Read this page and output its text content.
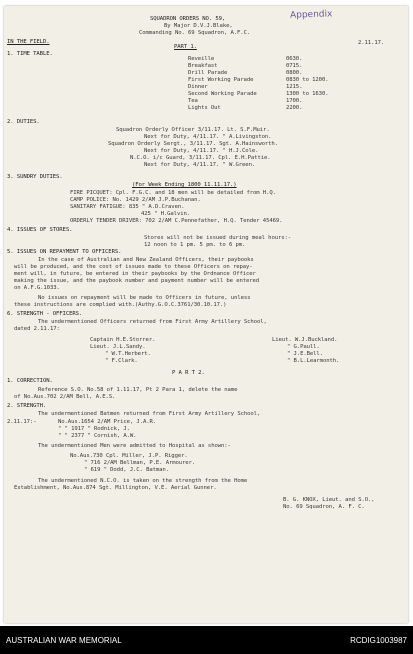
SQUADRON ORDERS NO. 59,	Appendix
By Major D.V.J.Blake,
Commanding No. 69 Squadron, A.F.C.
IN THE FIELD.	2.11.17.
PART 1.
1. TIME TABLE.
Reveille	0630.
Breakfast	0715.
Drill Parade	0800.
First Working Parade	0830 to 1200.
Dinner	1215.
Second Working Parade	1300 to 1630.
Tea	1700.
Lights Out	2200.
2. DUTIES.
Squadron Orderly Officer 3/11.17. Lt. S.F.Muir.
Next for Duty, 4/11.17. " A.Livingston.
Squadron Orderly Sergt., 3/11.17. Sgt. A.Hainsworth.
Next for Duty, 4/11.17. " H.J.Cole.
N.C.O. i/c Guard, 3/11.17. Cpl. E.H.Pattie.
Next for Duty, 4/11.17. " W.Green.
3. SUNDRY DUTIES.
(For Week Ending 1800 11.11.17.)
FIRE PICQUET: Cpl. F.G.C. and 18 men will be detailed from H.Q.
CAMP POLICE: No. 1429 2/AM J.P.Buchanan.
SANITARY FATIGUE: 835 " A.D.Craven.
425 " H.Galvin.
ORDERLY TENDER DRIVER: 702 2/AM C.Pennefather, H.Q. Tender 45469.
4. ISSUES OF STORES.
Stores will not be issued during meal hours:-
12 noon to 1 pm. 5 pm. to 6 pm.
5. ISSUES ON REPAYMENT TO OFFICERS.
In the case of Australian and New Zealand Officers, their paybooks
will be produced, and the cost of issues made to these Officers on repay-
ment will, in future, be entered in their paybooks by the Ordnance Officer
making the issue, and the paybook number and payment number will be entered
on A.F.G.1033.
No issues on repayment will be made to Officers in future, unless
these instructions are complied with.(Authy.G.O.C.3761/30.10.17.)
6. STRENGTH - OFFICERS.
The undermentioned Officers returned from First Army Artillery School,
dated 2.11.17:
Captain H.E.Storrer.
Lieut. J.L.Sandy.
" W.T.Herbert.
" F.Clark.
Lieut. W.J.Buckland.
" G.Paull.
" J.E.Bell.
" B.L.Learmonth.
P A R T 2.
1. CORRECTION.
Reference S.O. No.58 of 1.11.17, Pt 2 Para 1, delete the name
of No.Aus.702 2/AM Bell, A.E.S.
2. STRENGTH.
The undermentioned Batmen returned from First Army Artillery School,
2.11.17:-	No.Aus.1654 2/AM Price, J.A.R.
" " 1917 " Rodnick, J.
" " 2377 " Cornish, A.W.
The undermentioned Men were admitted to Hospital as shown:-
No.Aus.730 Cpl. Miller, J.P. Rigger.
" 716 2/AM Bellman, P.E. Armourer.
" 619 " Dodd, J.C. Batman.
The undermentioned N.C.O. is taken on the strength from the Home
Establishment, No.Aus.874 Sgt. Millington, V.E. Aerial Gunner.
B. G. KNOX, Lieut. and S.O.,
No. 69 Squadron, A. F. C.
AUSTRALIAN WAR MEMORIAL	RCDIG1003987
